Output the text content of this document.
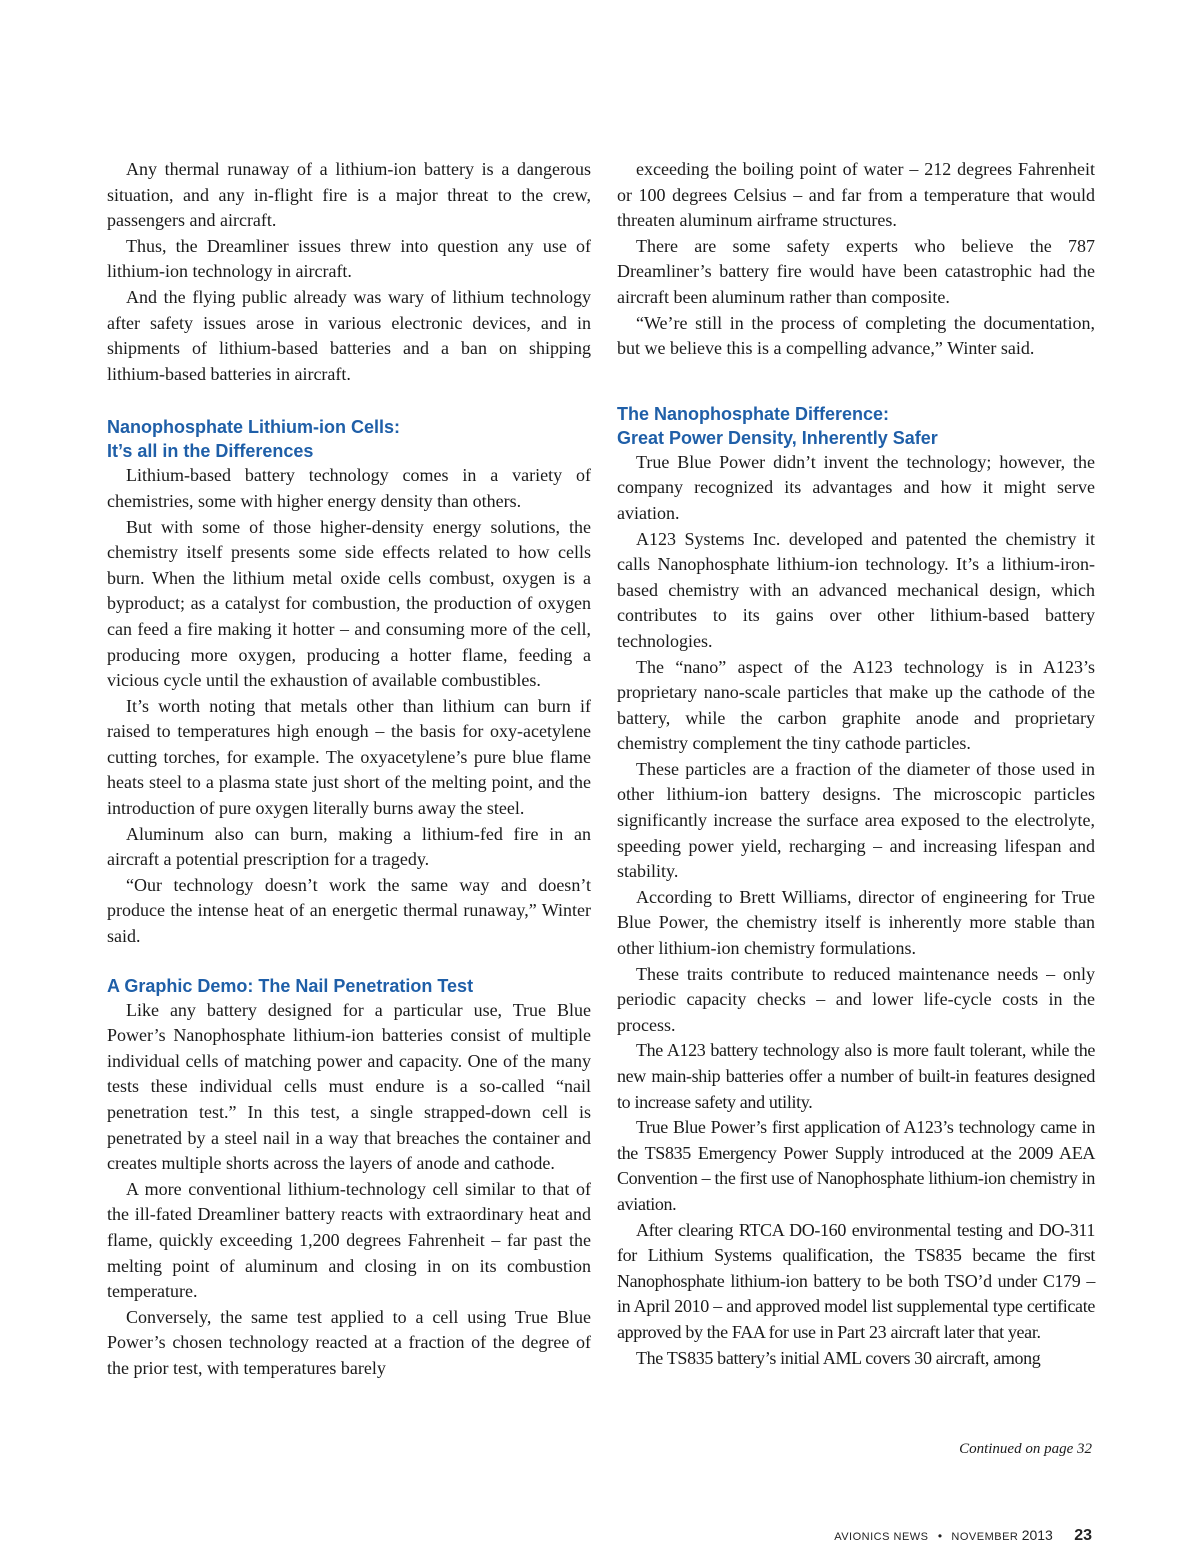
Any thermal runaway of a lithium-ion battery is a dangerous situation, and any in-flight fire is a major threat to the crew, passengers and aircraft.

Thus, the Dreamliner issues threw into question any use of lithium-ion technology in aircraft.

And the flying public already was wary of lithium technology after safety issues arose in various electronic devices, and in shipments of lithium-based batteries and a ban on shipping lithium-based batteries in aircraft.

Nanophosphate Lithium-ion Cells:
It’s all in the Differences

Lithium-based battery technology comes in a variety of chemistries, some with higher energy density than others.

But with some of those higher-density energy solutions, the chemistry itself presents some side effects related to how cells burn. When the lithium metal oxide cells combust, oxygen is a byproduct; as a catalyst for combustion, the production of oxygen can feed a fire making it hotter – and consuming more of the cell, producing more oxygen, producing a hotter flame, feeding a vicious cycle until the exhaustion of available combustibles.

It’s worth noting that metals other than lithium can burn if raised to temperatures high enough – the basis for oxy-acetylene cutting torches, for example. The oxyacetylene’s pure blue flame heats steel to a plasma state just short of the melting point, and the introduction of pure oxygen literally burns away the steel.

Aluminum also can burn, making a lithium-fed fire in an aircraft a potential prescription for a tragedy.

“Our technology doesn’t work the same way and doesn’t produce the intense heat of an energetic thermal runaway,” Winter said.

A Graphic Demo: The Nail Penetration Test

Like any battery designed for a particular use, True Blue Power’s Nanophosphate lithium-ion batteries consist of multiple individual cells of matching power and capacity. One of the many tests these individual cells must endure is a so-called “nail penetration test.” In this test, a single strapped-down cell is penetrated by a steel nail in a way that breaches the container and creates multiple shorts across the layers of anode and cathode.

A more conventional lithium-technology cell similar to that of the ill-fated Dreamliner battery reacts with extraordinary heat and flame, quickly exceeding 1,200 degrees Fahrenheit – far past the melting point of aluminum and closing in on its combustion temperature.

Conversely, the same test applied to a cell using True Blue Power’s chosen technology reacted at a fraction of the degree of the prior test, with temperatures barely

exceeding the boiling point of water – 212 degrees Fahrenheit or 100 degrees Celsius – and far from a temperature that would threaten aluminum airframe structures.

There are some safety experts who believe the 787 Dreamliner’s battery fire would have been catastrophic had the aircraft been aluminum rather than composite.

“We’re still in the process of completing the documentation, but we believe this is a compelling advance,” Winter said.

The Nanophosphate Difference:
Great Power Density, Inherently Safer

True Blue Power didn’t invent the technology; however, the company recognized its advantages and how it might serve aviation.

A123 Systems Inc. developed and patented the chemistry it calls Nanophosphate lithium-ion technology. It’s a lithium-iron-based chemistry with an advanced mechanical design, which contributes to its gains over other lithium-based battery technologies.

The “nano” aspect of the A123 technology is in A123’s proprietary nano-scale particles that make up the cathode of the battery, while the carbon graphite anode and proprietary chemistry complement the tiny cathode particles.

These particles are a fraction of the diameter of those used in other lithium-ion battery designs. The microscopic particles significantly increase the surface area exposed to the electrolyte, speeding power yield, recharging – and increasing lifespan and stability.

According to Brett Williams, director of engineering for True Blue Power, the chemistry itself is inherently more stable than other lithium-ion chemistry formulations.

These traits contribute to reduced maintenance needs – only periodic capacity checks – and lower life-cycle costs in the process.

The A123 battery technology also is more fault tolerant, while the new main-ship batteries offer a number of built-in features designed to increase safety and utility.

True Blue Power’s first application of A123’s technology came in the TS835 Emergency Power Supply introduced at the 2009 AEA Convention – the first use of Nanophosphate lithium-ion chemistry in aviation.

After clearing RTCA DO-160 environmental testing and DO-311 for Lithium Systems qualification, the TS835 became the first Nanophosphate lithium-ion battery to be both TSO’d under C179 – in April 2010 – and approved model list supplemental type certificate approved by the FAA for use in Part 23 aircraft later that year.

The TS835 battery’s initial AML covers 30 aircraft, among

Continued on page 32
AVIONICS NEWS • NOVEMBER 2013 23
